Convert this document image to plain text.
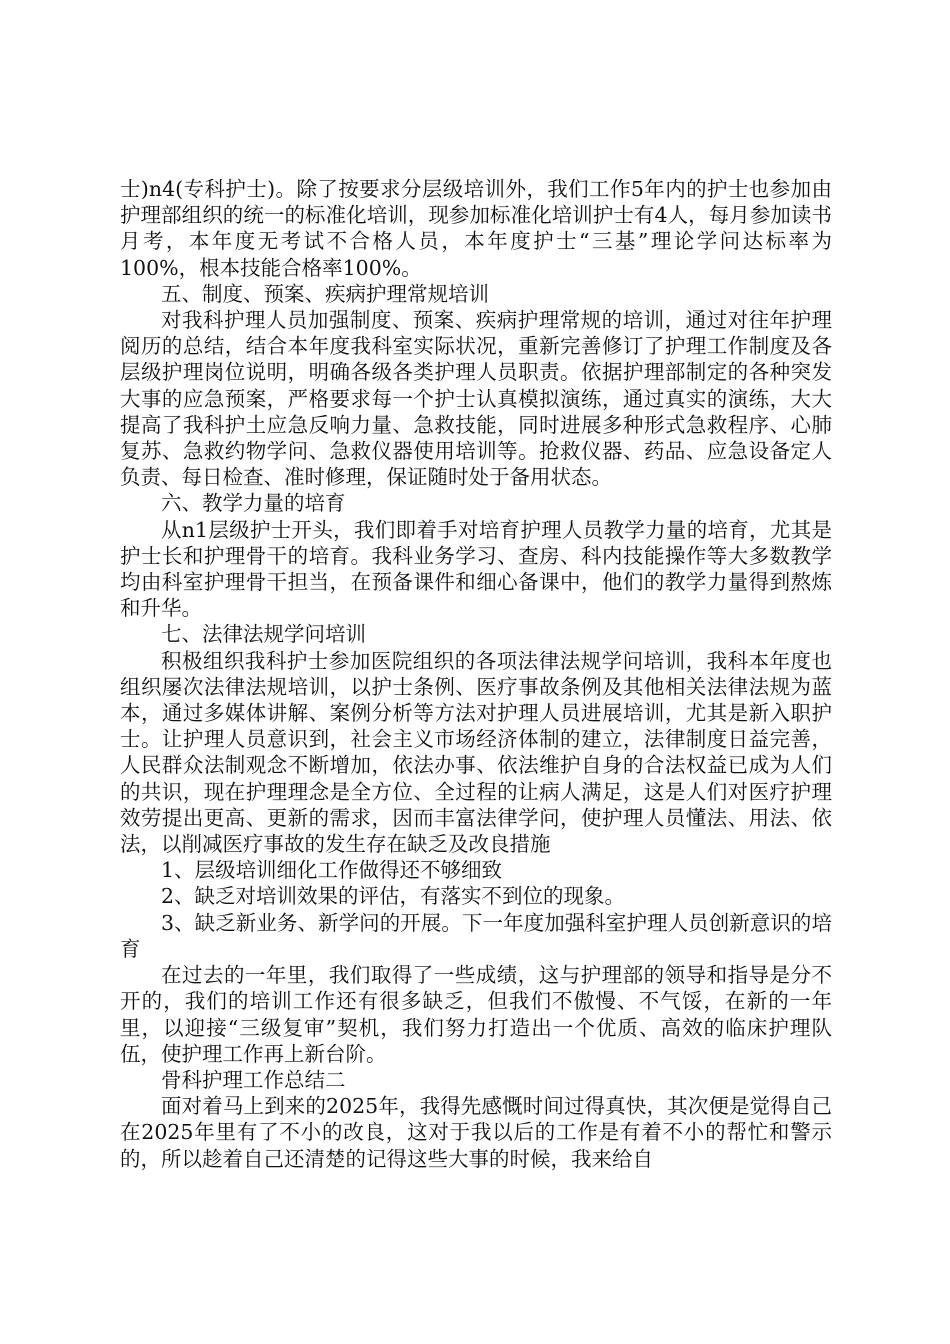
士)n4(专科护士)。除了按要求分层级培训外，我们工作5年内的护士也参加由护理部组织的统一的标准化培训，现参加标准化培训护士有4人，每月参加读书月考，本年度无考试不合格人员，本年度护士“三基”理论学问达标率为100%，根本技能合格率100%。

五、制度、预案、疾病护理常规培训

对我科护理人员加强制度、预案、疾病护理常规的培训，通过对往年护理阅历的总结，结合本年度我科室实际状况，重新完善修订了护理工作制度及各层级护理岗位说明，明确各级各类护理人员职责。依据护理部制定的各种突发大事的应急预案，严格要求每一个护士认真模拟演练，通过真实的演练，大大提高了我科护土应急反响力量、急救技能，同时进展多种形式急救程序、心肺复苏、急救约物学问、急救仪器使用培训等。抢救仪器、药品、应急设备定人负责、每日检查、准时修理，保证随时处于备用状态。

六、教学力量的培育

从n1层级护士开头，我们即着手对培育护理人员教学力量的培育，尤其是护士长和护理骨干的培育。我科业务学习、查房、科内技能操作等大多数教学均由科室护理骨干担当，在预备课件和细心备课中，他们的教学力量得到熬炼和升华。

七、法律法规学问培训

积极组织我科护士参加医院组织的各项法律法规学问培训，我科本年度也组织屡次法律法规培训，以护士条例、医疗事故条例及其他相关法律法规为蓝本，通过多媒体讲解、案例分析等方法对护理人员进展培训，尤其是新入职护士。让护理人员意识到，社会主义市场经济体制的建立，法律制度日益完善，人民群众法制观念不断增加，依法办事、依法维护自身的合法权益已成为人们的共识，现在护理理念是全方位、全过程的让病人满足，这是人们对医疗护理效劳提出更高、更新的需求，因而丰富法律学问，使护理人员懂法、用法、依法，以削减医疗事故的发生存在缺乏及改良措施

1、层级培训细化工作做得还不够细致

2、缺乏对培训效果的评估，有落实不到位的现象。

3、缺乏新业务、新学问的开展。下一年度加强科室护理人员创新意识的培育

在过去的一年里，我们取得了一些成绩，这与护理部的领导和指导是分不开的，我们的培训工作还有很多缺乏，但我们不傲慢、不气馁，在新的一年里，以迎接“三级复审”契机，我们努力打造出一个优质、高效的临床护理队伍，使护理工作再上新台阶。

骨科护理工作总结二

面对着马上到来的2025年，我得先感慨时间过得真快，其次便是觉得自己在2025年里有了不小的改良，这对于我以后的工作是有着不小的帮忙和警示的，所以趁着自己还清楚的记得这些大事的时候，我来给自
